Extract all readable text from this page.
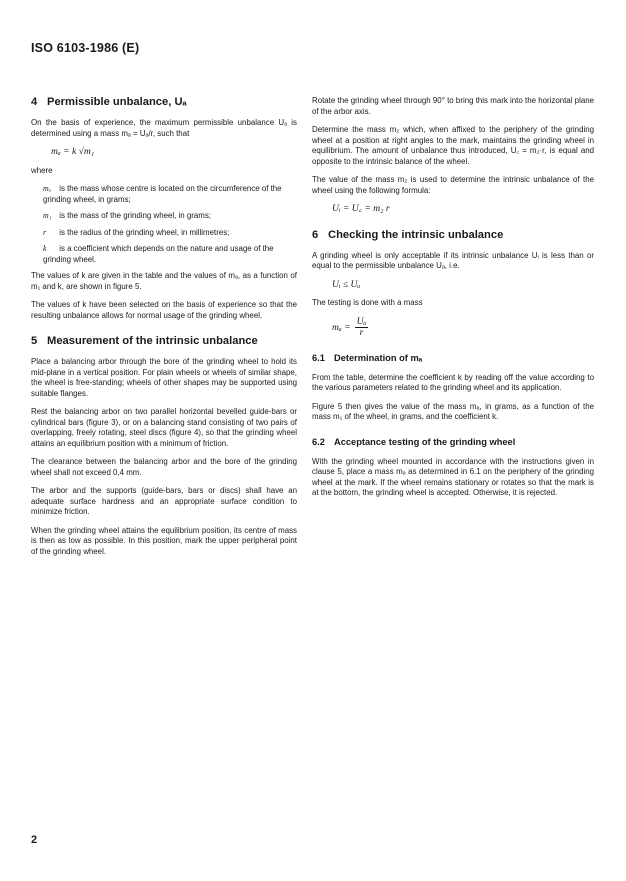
ISO 6103-1986 (E)
4 Permissible unbalance, Uₐ

On the basis of experience, the maximum permissible unbalance Uₐ is determined using a mass mₐ = Uₐ/r, such that

mₐ = k √m₁

where

mₐ is the mass whose centre is located on the circumference of the grinding wheel, in grams;
m₁ is the mass of the grinding wheel, in grams;
r is the radius of the grinding wheel, in millimetres;
k is a coefficient which depends on the nature and usage of the grinding wheel.

The values of k are given in the table and the values of mₐ, as a function of m₁ and k, are shown in figure 5.

The values of k have been selected on the basis of experience so that the resulting unbalance allows for normal usage of the grinding wheel.

5 Measurement of the intrinsic unbalance

Place a balancing arbor through the bore of the grinding wheel to hold its mid-plane in a vertical position. For plain wheels or wheels of similar shape, the wheel is free-standing; wheels of other shapes may be supported using suitable flanges.

Rest the balancing arbor on two parallel horizontal bevelled guide-bars or cylindrical bars (figure 3), or on a balancing stand consisting of two pairs of overlapping, freely rotating, steel discs (figure 4), so that the grinding wheel attains an equilibrium position with a minimum of friction.

The clearance between the balancing arbor and the bore of the grinding wheel shall not exceed 0,4 mm.

The arbor and the supports (guide-bars, bars or discs) shall have an adequate surface hardness and an appropriate surface condition to minimize friction.

When the grinding wheel attains the equilibrium position, its centre of mass is then as low as possible. In this position, mark the upper peripheral point of the grinding wheel.

Rotate the grinding wheel through 90° to bring this mark into the horizontal plane of the arbor axis.

Determine the mass m₂ which, when affixed to the periphery of the grinding wheel at a position at right angles to the mark, maintains the grinding wheel in equilibrium. The amount of unbalance thus introduced, U꜀ = m₂·r, is equal and opposite to the intrinsic balance of the wheel.

The value of the mass m₂ is used to determine the intrinsic unbalance of the wheel using the following formula:

Uᵢ = U꜀ = m₂ r
6 Checking the intrinsic unbalance

A grinding wheel is only acceptable if its intrinsic unbalance Uᵢ is less than or equal to the permissible unbalance Uₐ, i.e.

Uᵢ ≤ Uₐ

The testing is done with a mass

$m_a = \frac{\text{Uₐ}}{r}$
6.1 Determination of mₐ

From the table, determine the coefficient k by reading off the value according to the various parameters related to the grinding wheel and its application.

Figure 5 then gives the value of the mass mₐ, in grams, as a function of the mass m₁ of the wheel, in grams, and the coefficient k.

6.2 Acceptance testing of the grinding wheel

With the grinding wheel mounted in accordance with the instructions given in clause 5, place a mass mₐ as determined in 6.1 on the periphery of the grinding wheel at the mark. If the wheel remains stationary or rotates so that the mark is at the bottom, the grinding wheel is accepted. Otherwise, it is rejected.

2
